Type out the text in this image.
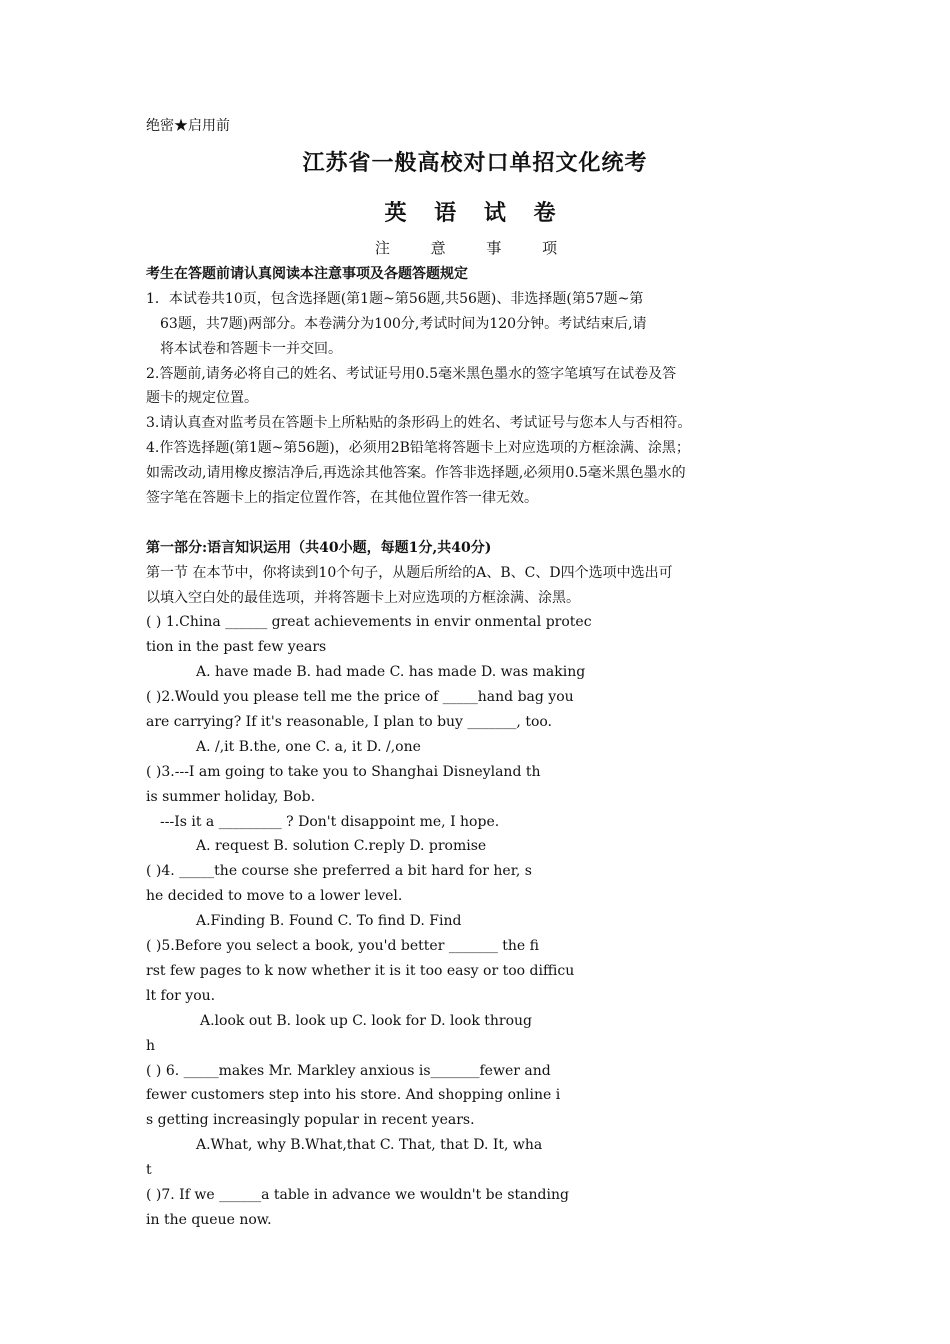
绝密★启用前
江苏省一般高校对口单招文化统考
英 语 试 卷
注 意 事 项
考生在答题前请认真阅读本注意事项及各题答题规定
1．本试卷共10页，包含选择题(第1题~第56题,共56题)、非选择题(第57题~第
63题，共7题)两部分。本卷满分为100分,考试时间为120分钟。考试结束后,请
将本试卷和答题卡一并交回。
2.答题前,请务必将自己的姓名、考试证号用0.5毫米黑色墨水的签字笔填写在试卷及答
题卡的规定位置。
3.请认真查对监考员在答题卡上所粘贴的条形码上的姓名、考试证号与您本人与否相符。
4.作答选择题(第1题~第56题)，必须用2B铅笔将答题卡上对应选项的方框涂满、涂黑；
如需改动,请用橡皮擦洁净后,再选涂其他答案。作答非选择题,必须用0.5毫米黑色墨水的
签字笔在答题卡上的指定位置作答，在其他位置作答一律无效。

第一部分:语言知识运用（共40小题，每题1分,共40分)
第一节 在本节中，你将读到10个句子，从题后所给的A、B、C、D四个选项中选出可
以填入空白处的最佳选项，并将答题卡上对应选项的方框涂满、涂黑。
( ) 1.China ______ great achievements in envir onmental protec
tion in the past few years
A. have made B. had made C. has made D. was making
( )2.Would you please tell me the price of _____hand bag you
are carrying? If it's reasonable, I plan to buy _______, too.
A. /,it B.the, one C. a, it D. /,one
( )3.---I am going to take you to Shanghai Disneyland th
is summer holiday, Bob.
---Is it a _________ ? Don't disappoint me, I hope.
A. request B. solution C.reply D. promise
( )4. _____the course she preferred a bit hard for her, s
he decided to move to a lower level.
A.Finding B. Found C. To find D. Find
( )5.Before you select a book, you'd better _______ the fi
rst few pages to k now whether it is it too easy or too difficu
lt for you.
A.look out B. look up C. look for D. look throug
h
( ) 6. _____makes Mr. Markley anxious is_______fewer and
fewer customers step into his store. And shopping online i
s getting increasingly popular in recent years.
A.What, why B.What,that C. That, that D. It, wha
t
( )7. If we ______a table in advance we wouldn't be standing
in the queue now.
